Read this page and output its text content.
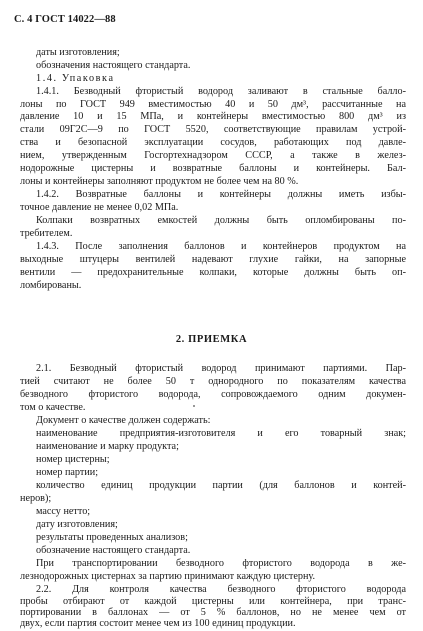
С. 4 ГОСТ 14022—88
даты изготовления;
обозначения настоящего стандарта.
1.4. Упаковка
1.4.1. Безводный фтористый водород заливают в стальные балло-
лоны по ГОСТ 949 вместимостью 40 и 50 дм³, рассчитанные на
давление 10 и 15 МПа, и контейнеры вместимостью 800 дм³ из
стали 09Г2С—9 по ГОСТ 5520, соответствующие правилам устрой-
ства и безопасной эксплуатации сосудов, работающих под давле-
нием, утвержденным Госгортехнадзором СССР, а также в желез-
нодорожные цистерны и возвратные баллоны и контейнеры. Бал-
лоны и контейнеры заполняют продуктом не более чем на 80 %.
1.4.2. Возвратные баллоны и контейнеры должны иметь избы-
точное давление не менее 0,02 МПа.
Колпаки возвратных емкостей должны быть опломбированы по-
требителем.
1.4.3. После заполнения баллонов и контейнеров продуктом на
выходные штуцеры вентилей надевают глухие гайки, на запорные
вентили — предохранительные колпаки, которые должны быть оп-
ломбированы.
2. ПРИЕМКА
2.1. Безводный фтористый водород принимают партиями. Пар-
тией считают не более 50 т однородного по показателям качества
безводного фтористого водорода, сопровождаемого одним докумен-
том о качестве.
Документ о качестве должен содержать:
наименование предприятия-изготовителя и его товарный знак;
наименование и марку продукта;
номер цистерны;
номер партии;
количество единиц продукции партии (для баллонов и контей-
неров);
массу нетто;
дату изготовления;
результаты проведенных анализов;
обозначение настоящего стандарта.
При транспортировании безводного фтористого водорода в же-
лезнодорожных цистернах за партию принимают каждую цистерну.
2.2. Для контроля качества безводного фтористого водорода
пробы отбирают от каждой цистерны или контейнера, при транс-
портировании в баллонах — от 5 % баллонов, но не менее чем от
двух, если партия состоит менее чем из 100 единиц продукции.
